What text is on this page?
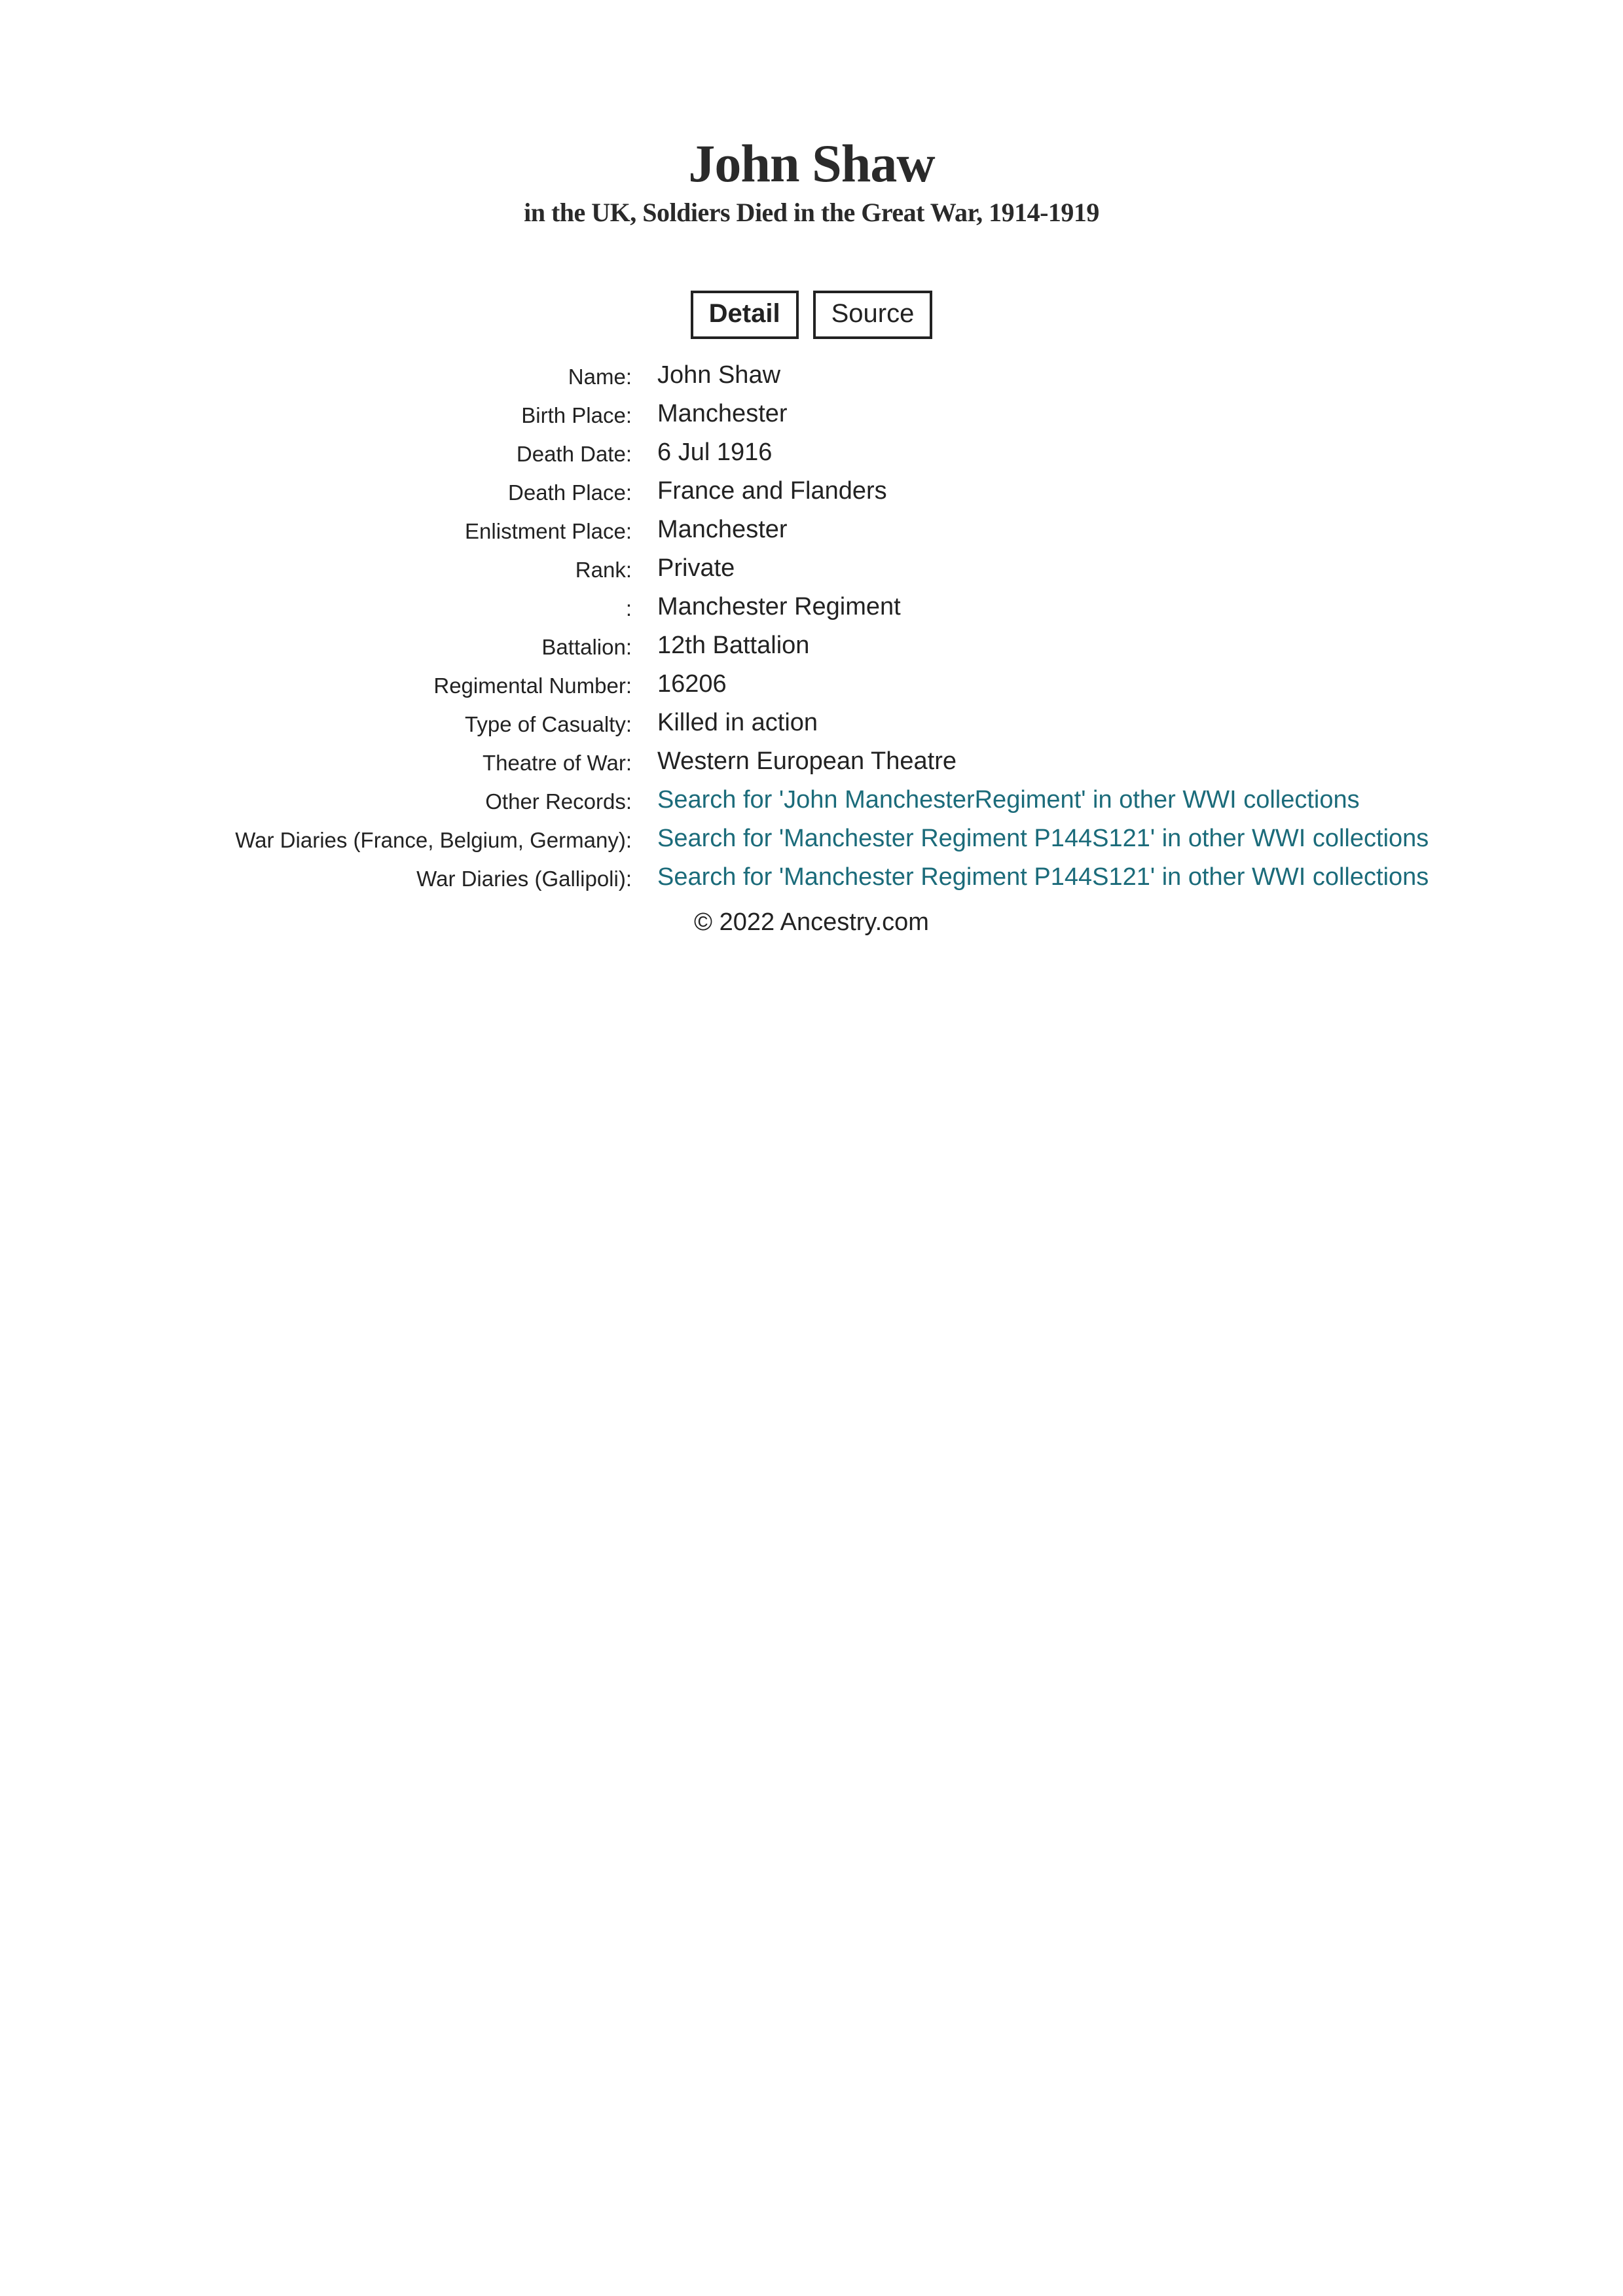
John Shaw
in the UK, Soldiers Died in the Great War, 1914-1919
Detail	Source
Name: John Shaw
Birth Place: Manchester
Death Date: 6 Jul 1916
Death Place: France and Flanders
Enlistment Place: Manchester
Rank: Private
: Manchester Regiment
Battalion: 12th Battalion
Regimental Number: 16206
Type of Casualty: Killed in action
Theatre of War: Western European Theatre
Other Records: Search for 'John ManchesterRegiment' in other WWI collections
War Diaries (France, Belgium, Germany): Search for 'Manchester Regiment P144S121' in other WWI collections
War Diaries (Gallipoli): Search for 'Manchester Regiment P144S121' in other WWI collections
© 2022 Ancestry.com
